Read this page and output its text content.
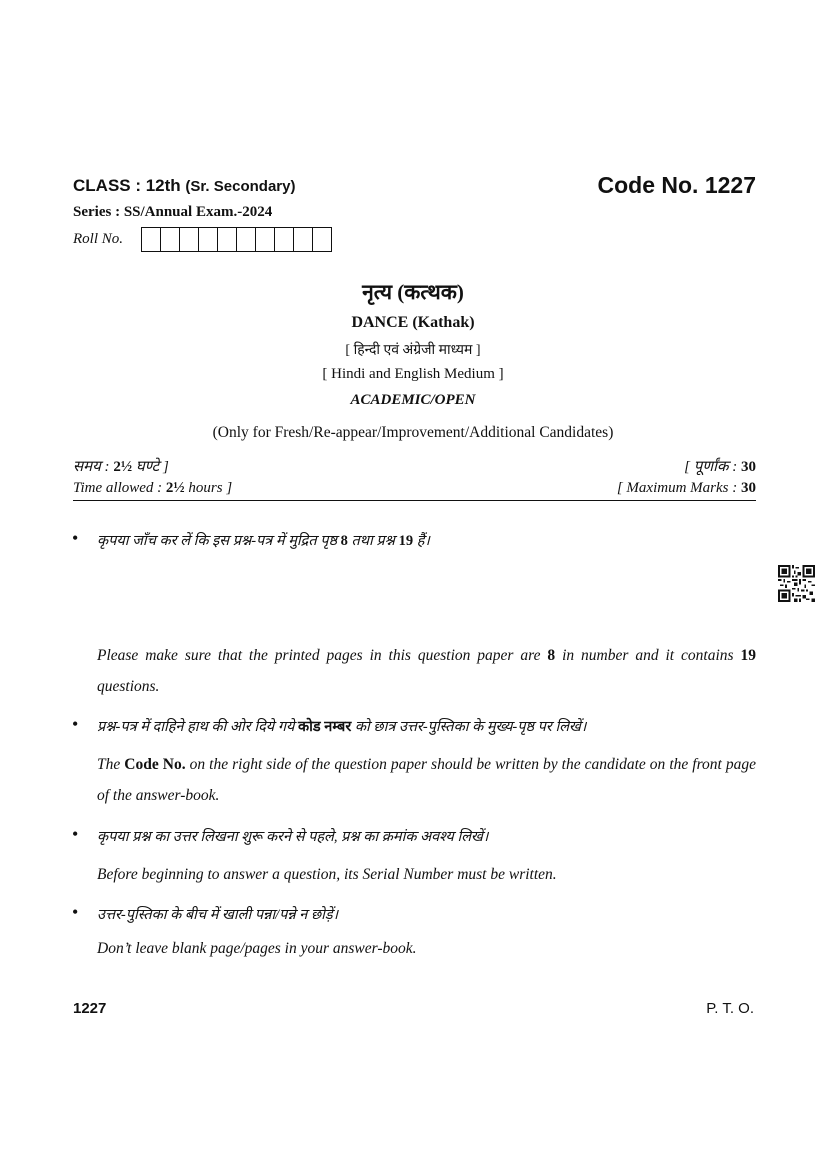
CLASS : 12th (Sr. Secondary)	Code No. 1227
Series : SS/Annual Exam.-2024
Roll No.
नृत्य (कत्थक)
DANCE (Kathak)
[ हिन्दी एवं अंग्रेजी माध्यम ]
[ Hindi and English Medium ]
ACADEMIC/OPEN
(Only for Fresh/Re-appear/Improvement/Additional Candidates)
समय : 2½ घण्टे ]	[ पूर्णांक : 30
Time allowed : 2½ hours ]	[ Maximum Marks : 30
• कृपया जाँच कर लें कि इस प्रश्न-पत्र में मुद्रित पृष्ठ 8 तथा प्रश्न 19 हैं।
Please make sure that the printed pages in this question paper are 8 in number and it contains 19 questions.
• प्रश्न-पत्र में दाहिने हाथ की ओर दिये गये कोड नम्बर को छात्र उत्तर-पुस्तिका के मुख्य-पृष्ठ पर लिखें।
The Code No. on the right side of the question paper should be written by the candidate on the front page of the answer-book.
• कृपया प्रश्न का उत्तर लिखना शुरू करने से पहले, प्रश्न का क्रमांक अवश्य लिखें।
Before beginning to answer a question, its Serial Number must be written.
• उत्तर-पुस्तिका के बीच में खाली पन्ना/पन्ने न छोड़ें।
Don’t leave blank page/pages in your answer-book.
1227	P. T. O.
